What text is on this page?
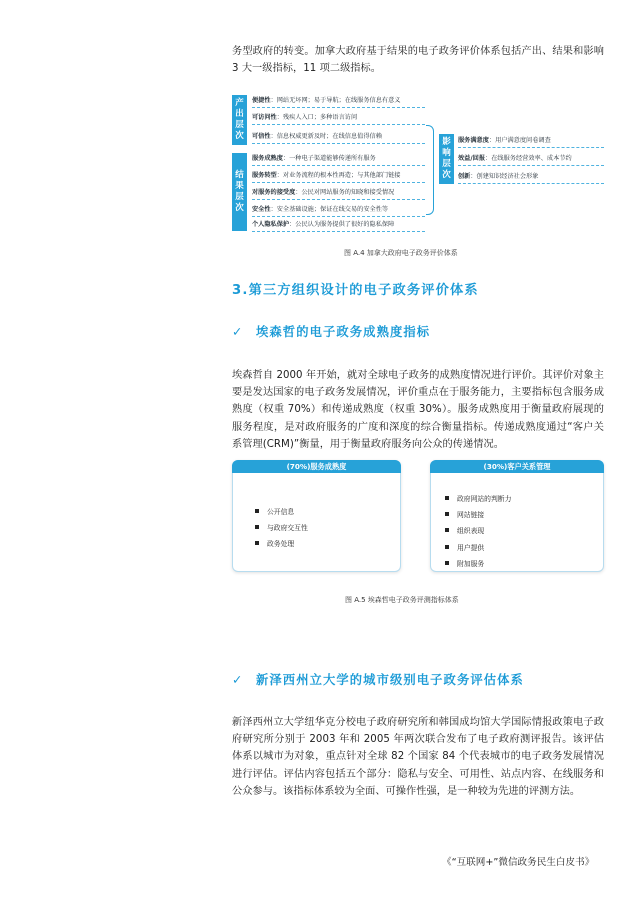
务型政府的转变。加拿大政府基于结果的电子政务评价体系包括产出、结果和影响 3 大一级指标，11 项二级指标。
产出层次
结果层次
便捷性：网站无坏网；易于导航；在线服务信息有意义
可访问性：残疾人入口；多种语言访问
可信性：信息权威更新及时；在线信息值得信赖
服务成熟度：一种电子渠道能够传递所有服务
服务转型：对业务流程的根本性再造；与其他部门链接
对服务的接受度：公民对网站服务的知晓和接受情况
安全性：安全基础设施；保证在线交易的安全性等
个人隐私保护：公民认为服务提供了很好的隐私保障
影响层次
服务满意度：用户满意度问卷调查
效益/回报：在线服务经营效率、成本节约
创新：创建知识经济社会形象
图 A.4 加拿大政府电子政务评价体系
3.第三方组织设计的电子政务评价体系
✓ 埃森哲的电子政务成熟度指标
埃森哲自 2000 年开始，就对全球电子政务的成熟度情况进行评价。其评价对象主要是发达国家的电子政务发展情况，评价重点在于服务能力，主要指标包含服务成熟度（权重 70%）和传递成熟度（权重 30%）。服务成熟度用于衡量政府展现的服务程度，是对政府服务的广度和深度的综合衡量指标。传递成熟度通过“客户关系管理(CRM)”衡量，用于衡量政府服务向公众的传递情况。
(70%)服务成熟度
公开信息
与政府交互性
政务处理
(30%)客户关系管理
政府网站的判断力
网站链接
组织表现
用户提供
附加服务
图 A.5 埃森哲电子政务评测指标体系
✓ 新泽西州立大学的城市级别电子政务评估体系
新泽西州立大学纽华克分校电子政府研究所和韩国成均馆大学国际情报政策电子政府研究所分别于 2003 年和 2005 年两次联合发布了电子政府测评报告。该评估体系以城市为对象，重点针对全球 82 个国家 84 个代表城市的电子政务发展情况进行评估。评估内容包括五个部分：隐私与安全、可用性、站点内容、在线服务和公众参与。该指标体系较为全面、可操作性强，是一种较为先进的评测方法。
《“互联网+”微信政务民生白皮书》
